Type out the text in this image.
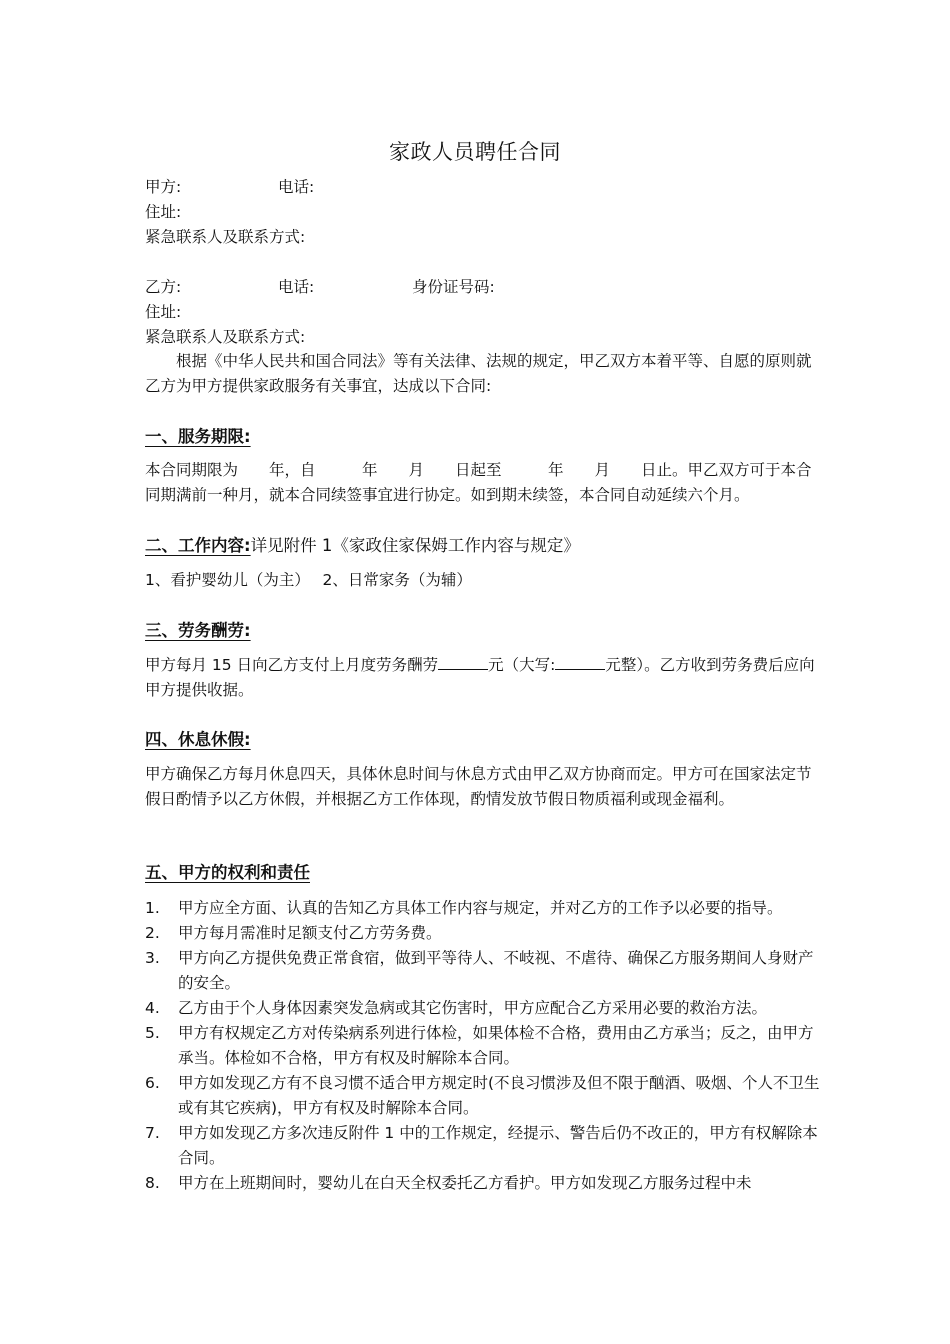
家政人员聘任合同
甲方:	电话:
住址:
紧急联系人及联系方式:
乙方:	电话:	身份证号码:
住址:
紧急联系人及联系方式:
根据《中华人民共和国合同法》等有关法律、法规的规定，甲乙双方本着平等、自愿的原则就乙方为甲方提供家政服务有关事宜，达成以下合同:
一、服务期限:
本合同期限为　　年，自　　　年　　月　　日起至　　　年　　月　　日止。甲乙双方可于本合同期满前一种月，就本合同续签事宜进行协定。如到期未续签，本合同自动延续六个月。
二、工作内容:详见附件 1《家政住家保姆工作内容与规定》
1、看护婴幼儿（为主）　 2、日常家务（为辅）
三、劳务酬劳:
甲方每月 15 日向乙方支付上月度劳务酬劳	元（大写:	元整）。乙方收到劳务费后应向甲方提供收据。
四、休息休假:
甲方确保乙方每月休息四天，具体休息时间与休息方式由甲乙双方协商而定。甲方可在国家法定节假日酌情予以乙方休假，并根据乙方工作体现，酌情发放节假日物质福利或现金福利。
五、甲方的权利和责任
1. 甲方应全方面、认真的告知乙方具体工作内容与规定，并对乙方的工作予以必要的指导。
2. 甲方每月需准时足额支付乙方劳务费。
3. 甲方向乙方提供免费正常食宿，做到平等待人、不岐视、不虐待、确保乙方服务期间人身财产的安全。
4. 乙方由于个人身体因素突发急病或其它伤害时，甲方应配合乙方采用必要的救治方法。
5. 甲方有权规定乙方对传染病系列进行体检，如果体检不合格，费用由乙方承当；反之，由甲方承当。体检如不合格，甲方有权及时解除本合同。
6. 甲方如发现乙方有不良习惯不适合甲方规定时(不良习惯涉及但不限于酗酒、吸烟、个人不卫生或有其它疾病)，甲方有权及时解除本合同。
7. 甲方如发现乙方多次违反附件 1 中的工作规定，经提示、警告后仍不改正的，甲方有权解除本合同。
8. 甲方在上班期间时，婴幼儿在白天全权委托乙方看护。甲方如发现乙方服务过程中未
